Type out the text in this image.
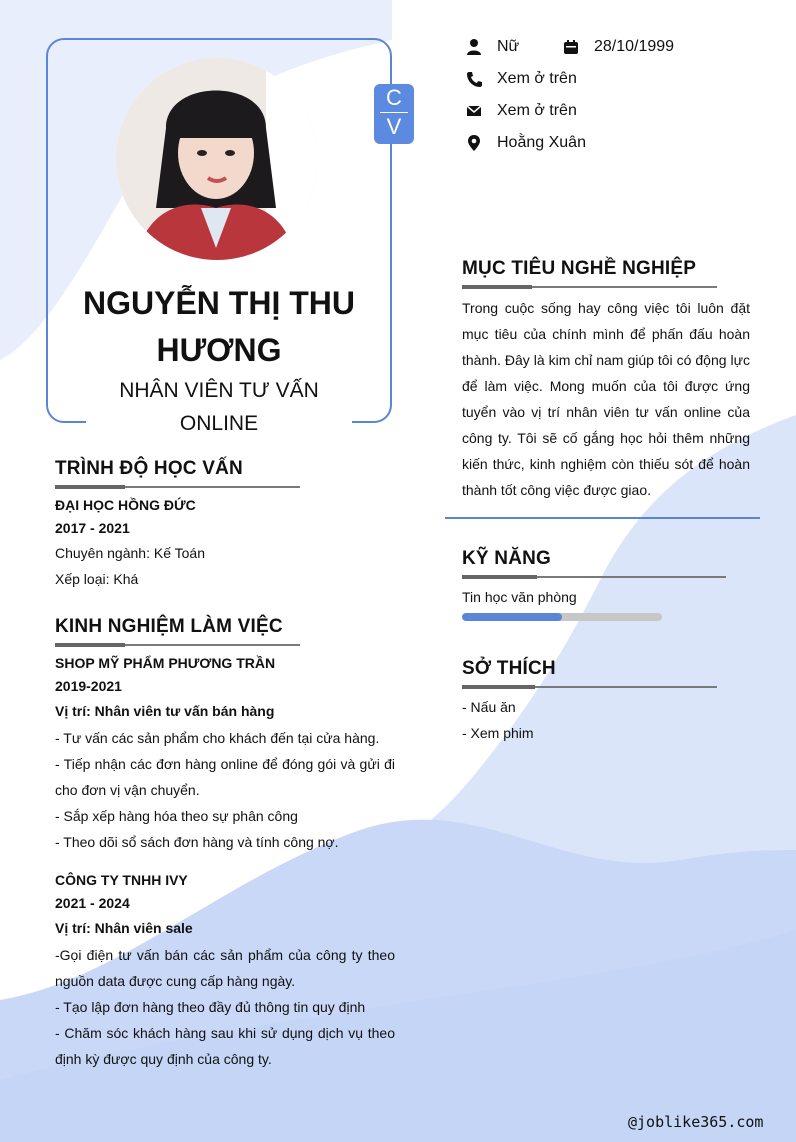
C
V
NGUYỄN THỊ THU
HƯƠNG
NHÂN VIÊN TƯ VẤN
ONLINE
Nữ	28/10/1999
Xem ở trên
Xem ở trên
Hoằng Xuân
TRÌNH ĐỘ HỌC VẤN
ĐẠI HỌC HỒNG ĐỨC
2017 - 2021
Chuyên ngành: Kế Toán
Xếp loại: Khá
KINH NGHIỆM LÀM VIỆC
SHOP MỸ PHẨM PHƯƠNG TRẦN
2019-2021
Vị trí: Nhân viên tư vấn bán hàng
- Tư vấn các sản phẩm cho khách đến tại cửa hàng.
- Tiếp nhận các đơn hàng online để đóng gói và gửi đi cho đơn vị vận chuyển.
- Sắp xếp hàng hóa theo sự phân công
- Theo dõi sổ sách đơn hàng và tính công nợ.
CÔNG TY TNHH IVY
2021 - 2024
Vị trí: Nhân viên sale
-Gọi điện tư vấn bán các sản phẩm của công ty theo nguồn data được cung cấp hàng ngày.
- Tạo lập đơn hàng theo đầy đủ thông tin quy định
- Chăm sóc khách hàng sau khi sử dụng dịch vụ theo định kỳ được quy định của công ty.
MỤC TIÊU NGHỀ NGHIỆP
Trong cuộc sống hay công việc tôi luôn đặt mục tiêu của chính mình để phấn đấu hoàn thành. Đây là kim chỉ nam giúp tôi có động lực để làm việc. Mong muốn của tôi được ứng tuyển vào vị trí nhân viên tư vấn online của công ty. Tôi sẽ cố gắng học hỏi thêm những kiến thức, kinh nghiệm còn thiếu sót để hoàn thành tốt công việc được giao.
KỸ NĂNG
Tin học văn phòng
SỞ THÍCH
- Nấu ăn
- Xem phim
@joblike365.com
